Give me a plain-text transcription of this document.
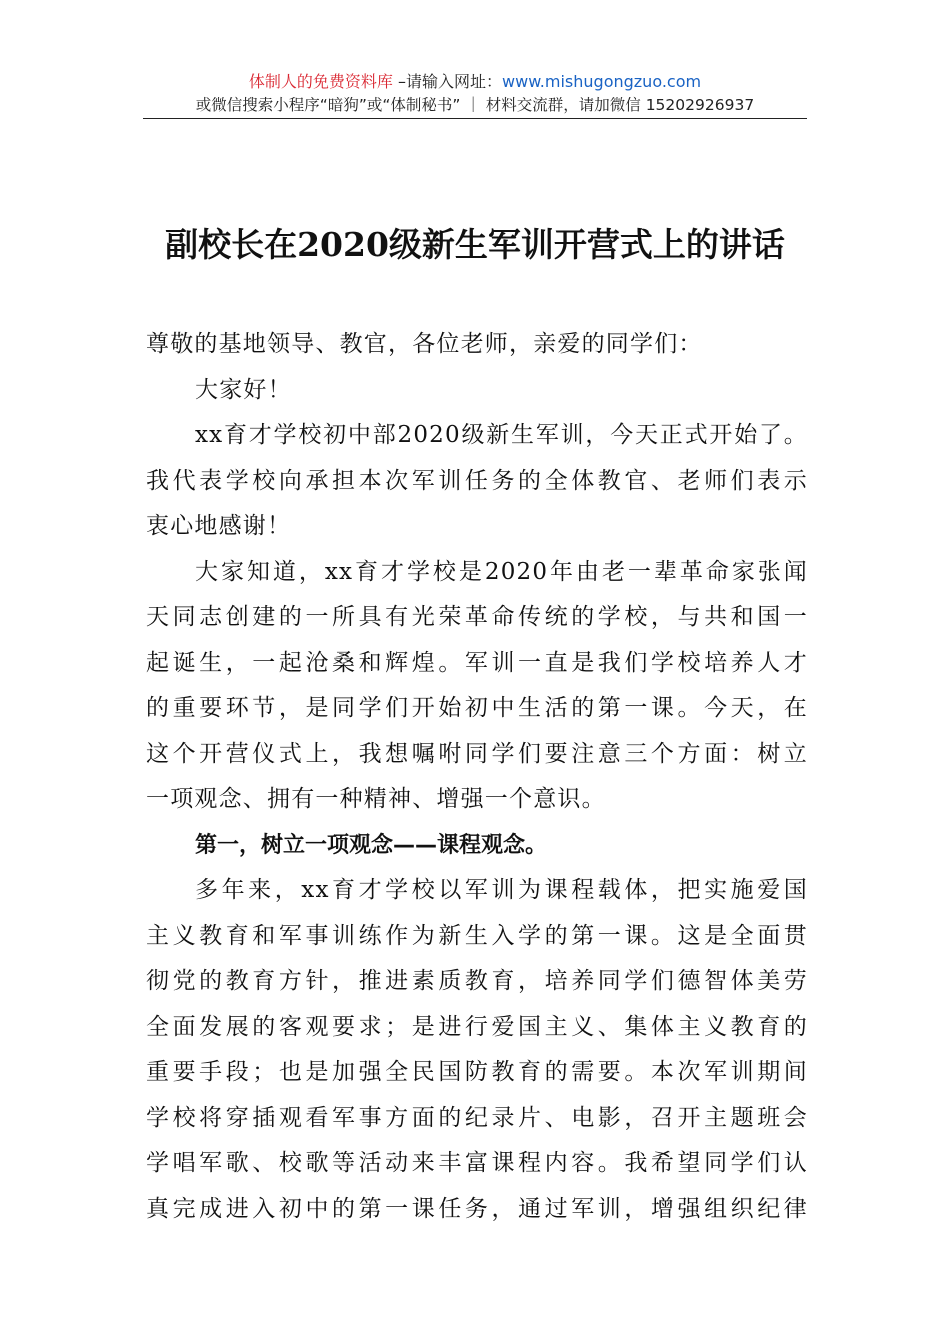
体制人的免费资料库 –请输入网址：www.mishugongzuo.com
或微信搜索小程序“暗狗”或“体制秘书” ｜ 材料交流群，请加微信 15202926937
副校长在2020级新生军训开营式上的讲话
尊敬的基地领导、教官，各位老师，亲爱的同学们：
大家好！
xx育才学校初中部2020级新生军训，今天正式开始了。
我代表学校向承担本次军训任务的全体教官、老师们表示
衷心地感谢！
大家知道，xx育才学校是2020年由老一辈革命家张闻
天同志创建的一所具有光荣革命传统的学校，与共和国一
起诞生，一起沧桑和辉煌。军训一直是我们学校培养人才
的重要环节，是同学们开始初中生活的第一课。今天，在
这个开营仪式上，我想嘱咐同学们要注意三个方面：树立
一项观念、拥有一种精神、增强一个意识。
第一，树立一项观念——课程观念。
多年来，xx育才学校以军训为课程载体，把实施爱国
主义教育和军事训练作为新生入学的第一课。这是全面贯
彻党的教育方针，推进素质教育，培养同学们德智体美劳
全面发展的客观要求；是进行爱国主义、集体主义教育的
重要手段；也是加强全民国防教育的需要。本次军训期间
学校将穿插观看军事方面的纪录片、电影，召开主题班会
学唱军歌、校歌等活动来丰富课程内容。我希望同学们认
真完成进入初中的第一课任务，通过军训，增强组织纪律
